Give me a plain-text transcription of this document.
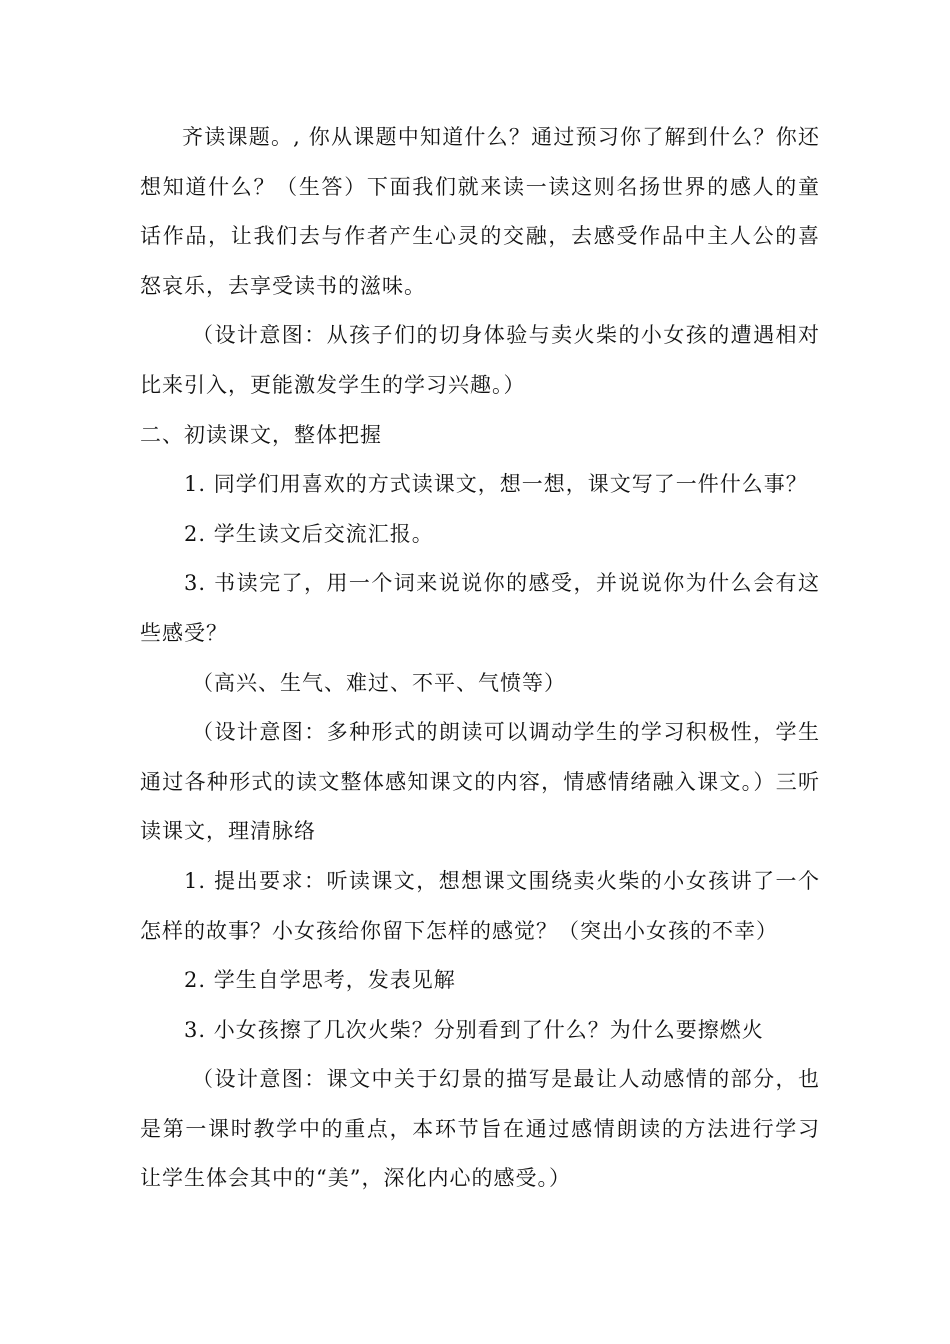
齐读课题。, 你从课题中知道什么？通过预习你了解到什么？你还想知道什么？（生答）下面我们就来读一读这则名扬世界的感人的童话作品，让我们去与作者产生心灵的交融，去感受作品中主人公的喜怒哀乐，去享受读书的滋味。

（设计意图：从孩子们的切身体验与卖火柴的小女孩的遭遇相对比来引入，更能激发学生的学习兴趣。）

二、初读课文，整体把握

1. 同学们用喜欢的方式读课文，想一想，课文写了一件什么事？

2. 学生读文后交流汇报。

3. 书读完了，用一个词来说说你的感受，并说说你为什么会有这些感受？

（高兴、生气、难过、不平、气愤等）

（设计意图：多种形式的朗读可以调动学生的学习积极性，学生通过各种形式的读文整体感知课文的内容，情感情绪融入课文。）三听读课文，理清脉络

1. 提出要求：听读课文，想想课文围绕卖火柴的小女孩讲了一个怎样的故事？小女孩给你留下怎样的感觉？（突出小女孩的不幸）

2. 学生自学思考，发表见解

3. 小女孩擦了几次火柴？分别看到了什么？为什么要擦燃火

（设计意图：课文中关于幻景的描写是最让人动感情的部分，也是第一课时教学中的重点，本环节旨在通过感情朗读的方法进行学习让学生体会其中的“美”，深化内心的感受。）
